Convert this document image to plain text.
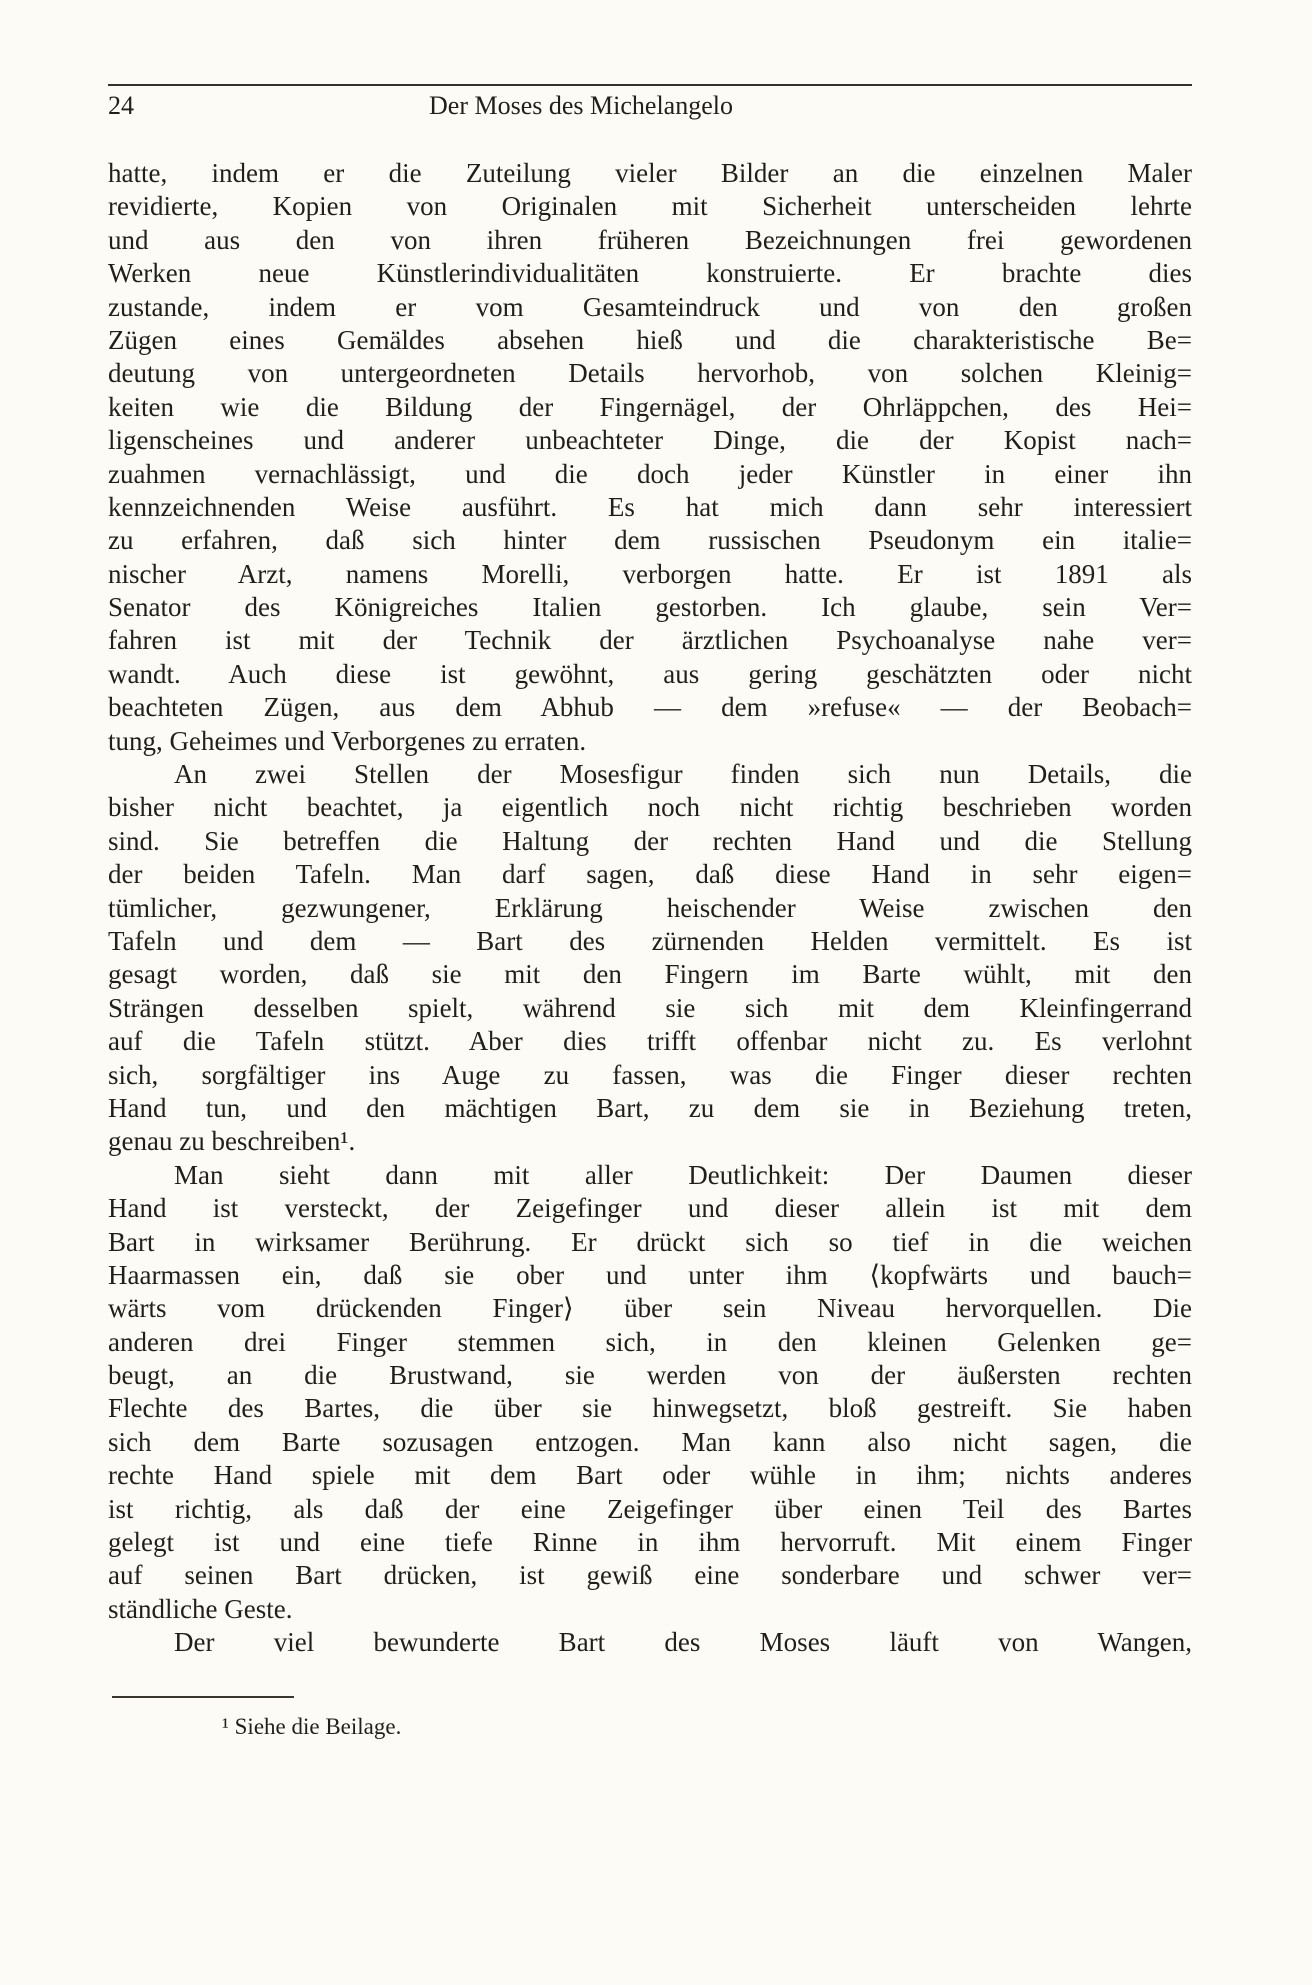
24	Der Moses des Michelangelo
hatte, indem er die Zuteilung vieler Bilder an die einzelnen Maler
revidierte, Kopien von Originalen mit Sicherheit unterscheiden lehrte
und aus den von ihren früheren Bezeichnungen frei gewordenen
Werken neue Künstlerindividualitäten konstruierte. Er brachte dies
zustande, indem er vom Gesamteindruck und von den großen
Zügen eines Gemäldes absehen hieß und die charakteristische Be=
deutung von untergeordneten Details hervorhob, von solchen Kleinig=
keiten wie die Bildung der Fingernägel, der Ohrläppchen, des Hei=
ligenscheines und anderer unbeachteter Dinge, die der Kopist nach=
zuahmen vernachlässigt, und die doch jeder Künstler in einer ihn
kennzeichnenden Weise ausführt. Es hat mich dann sehr interessiert
zu erfahren, daß sich hinter dem russischen Pseudonym ein italie=
nischer Arzt, namens Morelli, verborgen hatte. Er ist 1891 als
Senator des Königreiches Italien gestorben. Ich glaube, sein Ver=
fahren ist mit der Technik der ärztlichen Psychoanalyse nahe ver=
wandt. Auch diese ist gewöhnt, aus gering geschätzten oder nicht
beachteten Zügen, aus dem Abhub — dem »refuse« — der Beobach=
tung, Geheimes und Verborgenes zu erraten.
An zwei Stellen der Mosesfigur finden sich nun Details, die
bisher nicht beachtet, ja eigentlich noch nicht richtig beschrieben worden
sind. Sie betreffen die Haltung der rechten Hand und die Stellung
der beiden Tafeln. Man darf sagen, daß diese Hand in sehr eigen=
tümlicher, gezwungener, Erklärung heischender Weise zwischen den
Tafeln und dem — Bart des zürnenden Helden vermittelt. Es ist
gesagt worden, daß sie mit den Fingern im Barte wühlt, mit den
Strängen desselben spielt, während sie sich mit dem Kleinfingerrand
auf die Tafeln stützt. Aber dies trifft offenbar nicht zu. Es verlohnt
sich, sorgfältiger ins Auge zu fassen, was die Finger dieser rechten
Hand tun, und den mächtigen Bart, zu dem sie in Beziehung treten,
genau zu beschreiben¹.
Man sieht dann mit aller Deutlichkeit: Der Daumen dieser
Hand ist versteckt, der Zeigefinger und dieser allein ist mit dem
Bart in wirksamer Berührung. Er drückt sich so tief in die weichen
Haarmassen ein, daß sie ober und unter ihm ⟨kopfwärts und bauch=
wärts vom drückenden Finger⟩ über sein Niveau hervorquellen. Die
anderen drei Finger stemmen sich, in den kleinen Gelenken ge=
beugt, an die Brustwand, sie werden von der äußersten rechten
Flechte des Bartes, die über sie hinwegsetzt, bloß gestreift. Sie haben
sich dem Barte sozusagen entzogen. Man kann also nicht sagen, die
rechte Hand spiele mit dem Bart oder wühle in ihm; nichts anderes
ist richtig, als daß der eine Zeigefinger über einen Teil des Bartes
gelegt ist und eine tiefe Rinne in ihm hervorruft. Mit einem Finger
auf seinen Bart drücken, ist gewiß eine sonderbare und schwer ver=
ständliche Geste.
Der viel bewunderte Bart des Moses läuft von Wangen,
¹ Siehe die Beilage.
